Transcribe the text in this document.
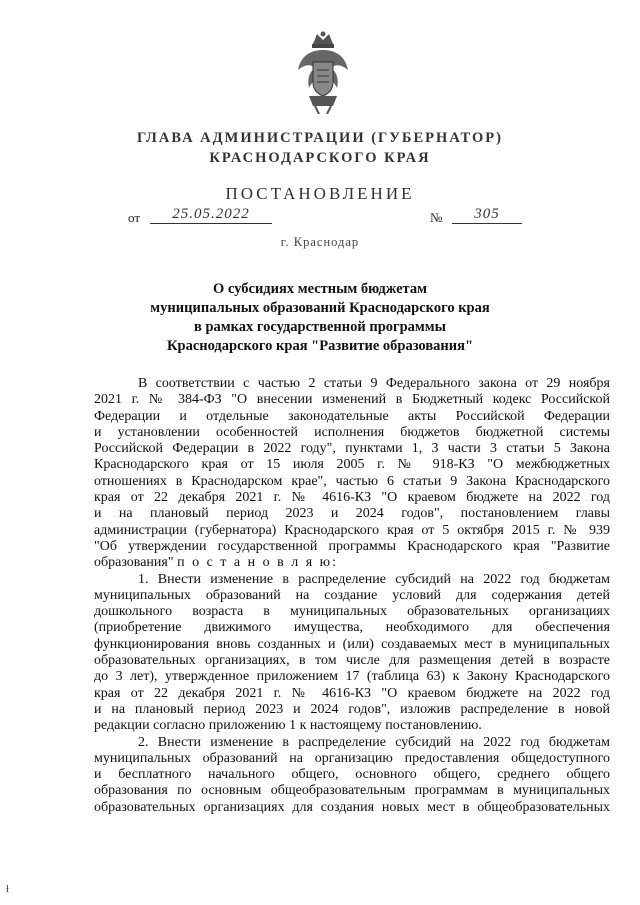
ГЛАВА АДМИНИСТРАЦИИ (ГУБЕРНАТОР)
КРАСНОДАРСКОГО КРАЯ
ПОСТАНОВЛЕНИЕ
от	25.05.2022	№	305
г. Краснодар
О субсидиях местным бюджетам
муниципальных образований Краснодарского края
в рамках государственной программы
Краснодарского края "Развитие образования"
В соответствии с частью 2 статьи 9 Федерального закона от 29 ноября
2021 г. № 384-ФЗ "О внесении изменений в Бюджетный кодекс Российской
Федерации и отдельные законодательные акты Российской Федерации
и установлении особенностей исполнения бюджетов бюджетной системы
Российской Федерации в 2022 году", пунктами 1, 3 части 3 статьи 5 Закона
Краснодарского края от 15 июля 2005 г. № 918-КЗ "О межбюджетных
отношениях в Краснодарском крае", частью 6 статьи 9 Закона Краснодарского
края от 22 декабря 2021 г. № 4616-КЗ "О краевом бюджете на 2022 год
и на плановый период 2023 и 2024 годов", постановлением главы
администрации (губернатора) Краснодарского края от 5 октября 2015 г. № 939
"Об утверждении государственной программы Краснодарского края "Развитие
образования" п о с т а н о в л я ю:
1. Внести изменение в распределение субсидий на 2022 год бюджетам
муниципальных образований на создание условий для содержания детей
дошкольного возраста в муниципальных образовательных организациях
(приобретение движимого имущества, необходимого для обеспечения
функционирования вновь созданных и (или) создаваемых мест в муниципальных
образовательных организациях, в том числе для размещения детей в возрасте
до 3 лет), утвержденное приложением 17 (таблица 63) к Закону Краснодарского
края от 22 декабря 2021 г. № 4616-КЗ "О краевом бюджете на 2022 год
и на плановый период 2023 и 2024 годов", изложив распределение в новой
редакции согласно приложению 1 к настоящему постановлению.
2. Внести изменение в распределение субсидий на 2022 год бюджетам
муниципальных образований на организацию предоставления общедоступного
и бесплатного начального общего, основного общего, среднего общего
образования по основным общеобразовательным программам в муниципальных
образовательных организациях для создания новых мест в общеобразовательных
ɫ
